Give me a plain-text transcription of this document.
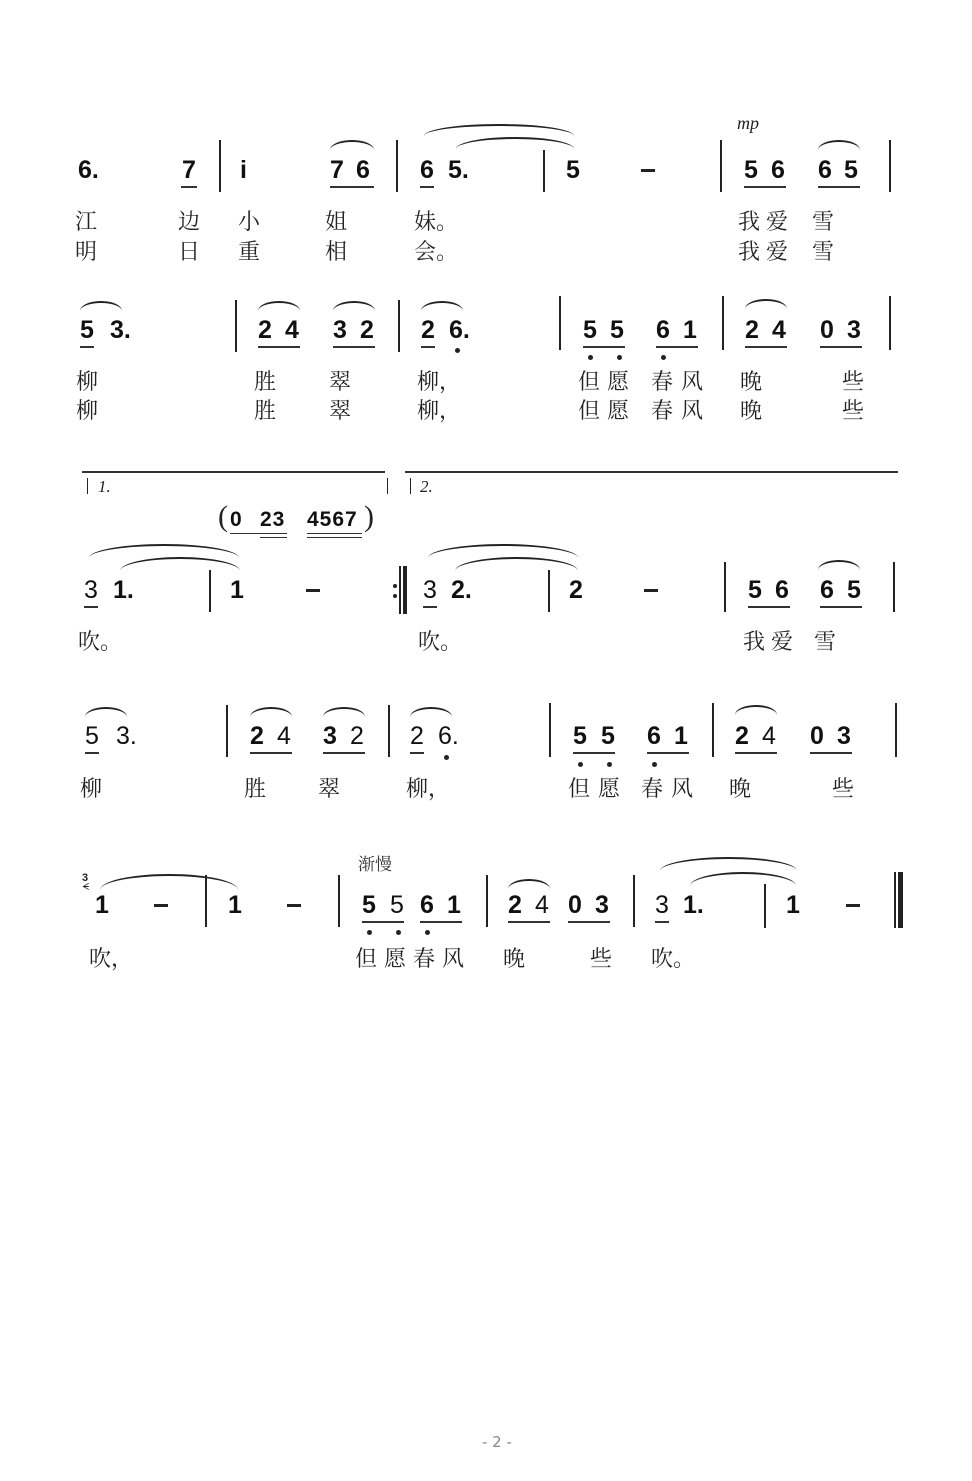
mp
6.	7 i	7 6 6 5.	5	5 6 6 5
江	边 小	姐	妹。	我 爱 雪
明	日 重	相	会。	我 爱 雪
5 3.	2 4 3 2 2 6.	5 5 6 1 2 4 0 3
柳	胜 翠	柳，	但 愿 春 风 晚	些
柳	胜 翠	柳，	但 愿 春 风 晚	些
1.	2.
( 0 23 4567 )
3 1.	1	3 2.	2	5 6 6 5
吹。	吹。	我 爱 雪
5 3.	2 4 3 2 2 6.	5 5 6 1 2 4 0 3
柳	胜 翠	柳，	但 愿 春 风 晚	些
渐慢
3
ᗕ
1	1	5 5 6 1 2 4 0 3 3 1.	1
吹，	但 愿 春 风 晚	些 吹。
- 2 -
